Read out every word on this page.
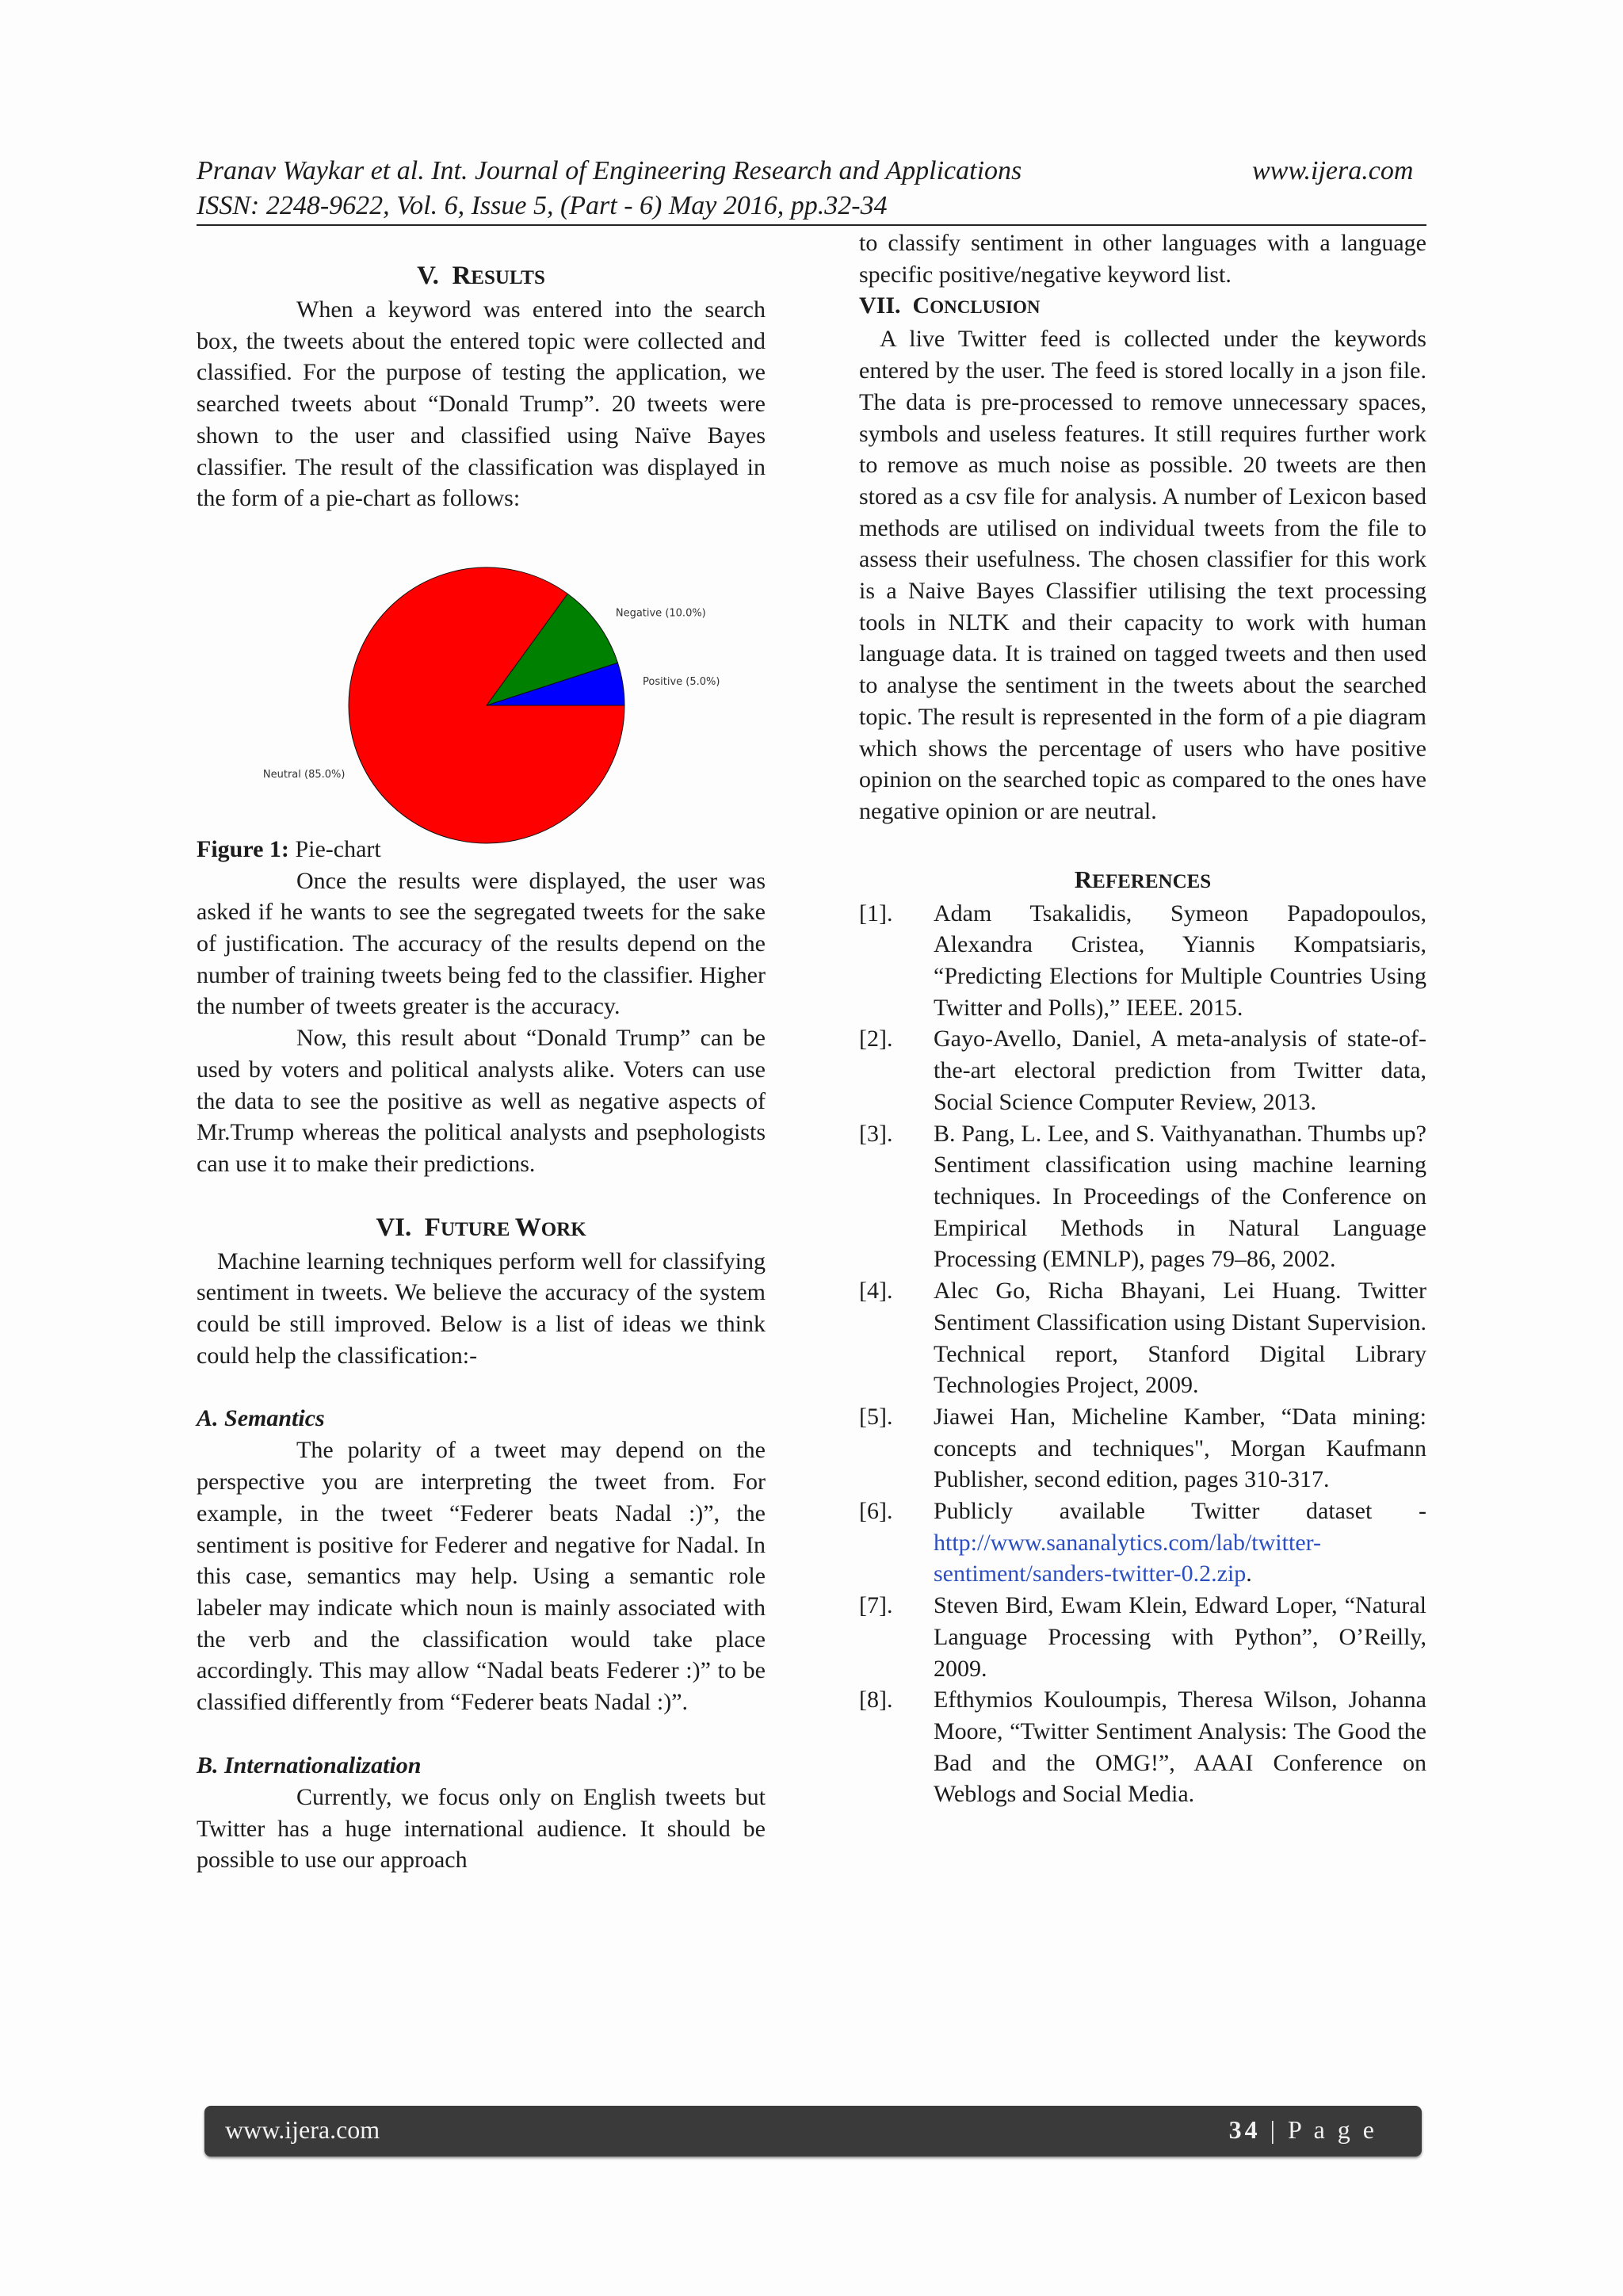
Pranav Waykar et al. Int. Journal of Engineering Research and Applications	www.ijera.com
ISSN: 2248-9622, Vol. 6, Issue 5, (Part - 6) May 2016, pp.32-34
V. RESULTS

When a keyword was entered into the search box, the tweets about the entered topic were collected and classified. For the purpose of testing the application, we searched tweets about “Donald Trump”. 20 tweets were shown to the user and classified using Naïve Bayes classifier. The result of the classification was displayed in the form of a pie-chart as follows:

Figure 1: Pie-chart

Once the results were displayed, the user was asked if he wants to see the segregated tweets for the sake of justification. The accuracy of the results depend on the number of training tweets being fed to the classifier. Higher the number of tweets greater is the accuracy.

Now, this result about “Donald Trump” can be used by voters and political analysts alike. Voters can use the data to see the positive as well as negative aspects of Mr.Trump whereas the political analysts and psephologists can use it to make their predictions.

VI. FUTURE WORK

Machine learning techniques perform well for classifying sentiment in tweets. We believe the accuracy of the system could be still improved. Below is a list of ideas we think could help the classification:-

A. Semantics

The polarity of a tweet may depend on the perspective you are interpreting the tweet from. For example, in the tweet “Federer beats Nadal :)”, the sentiment is positive for Federer and negative for Nadal. In this case, semantics may help. Using a semantic role labeler may indicate which noun is mainly associated with the verb and the classification would take place accordingly. This may allow “Nadal beats Federer :)” to be classified differently from “Federer beats Nadal :)”.

B. Internationalization

Currently, we focus only on English tweets but Twitter has a huge international audience. It should be possible to use our approach

Positive (5.0%)
Negative (10.0%)
Neutral (85.0%)

to classify sentiment in other languages with a language specific positive/negative keyword list.

VII. CONCLUSION

A live Twitter feed is collected under the keywords entered by the user. The feed is stored locally in a json file. The data is pre-processed to remove unnecessary spaces, symbols and useless features. It still requires further work to remove as much noise as possible. 20 tweets are then stored as a csv file for analysis. A number of Lexicon based methods are utilised on individual tweets from the file to assess their usefulness. The chosen classifier for this work is a Naive Bayes Classifier utilising the text processing tools in NLTK and their capacity to work with human language data. It is trained on tagged tweets and then used to analyse the sentiment in the tweets about the searched topic. The result is represented in the form of a pie diagram which shows the percentage of users who have positive opinion on the searched topic as compared to the ones have negative opinion or are neutral.

REFERENCES
[1]. Adam Tsakalidis, Symeon Papadopoulos, Alexandra Cristea, Yiannis Kompatsiaris, “Predicting Elections for Multiple Countries Using Twitter and Polls),” IEEE. 2015.
[2]. Gayo-Avello, Daniel, A meta-analysis of state-of-the-art electoral prediction from Twitter data, Social Science Computer Review, 2013.
[3]. B. Pang, L. Lee, and S. Vaithyanathan. Thumbs up? Sentiment classification using machine learning techniques. In Proceedings of the Conference on Empirical Methods in Natural Language Processing (EMNLP), pages 79–86, 2002.
[4]. Alec Go, Richa Bhayani, Lei Huang. Twitter Sentiment Classification using Distant Supervision. Technical report, Stanford Digital Library Technologies Project, 2009.
[5]. Jiawei Han, Micheline Kamber, “Data mining: concepts and techniques", Morgan Kaufmann Publisher, second edition, pages 310-317.
[6]. Publicly available Twitter dataset - http://www.sananalytics.com/lab/twitter-sentiment/sanders-twitter-0.2.zip.
[7]. Steven Bird, Ewam Klein, Edward Loper, “Natural Language Processing with Python”, O’Reilly, 2009.
[8]. Efthymios Kouloumpis, Theresa Wilson, Johanna Moore, “Twitter Sentiment Analysis: The Good the Bad and the OMG!”, AAAI Conference on Weblogs and Social Media.
www.ijera.com	34 | P a g e
